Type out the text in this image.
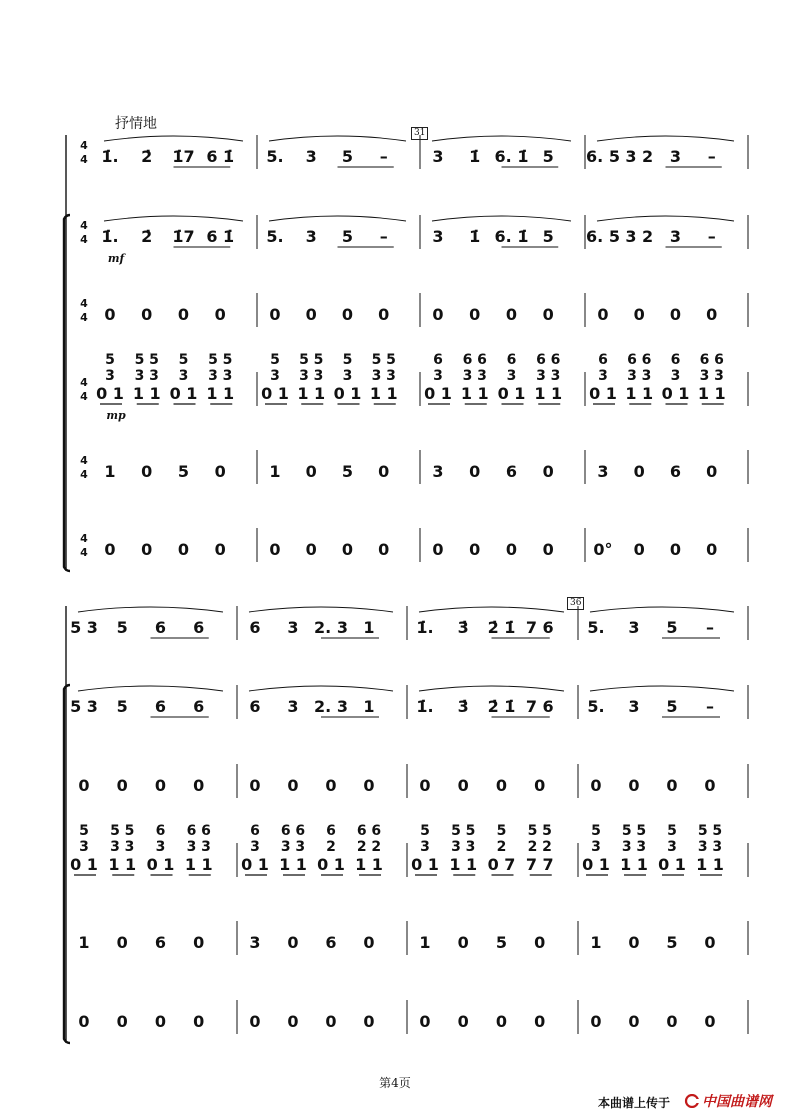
4
4
4
4
4
4
4
4
4
4
4
4
1̇. 2̇ 1̇7 6 1̇
1̇. 2̇ 1̇7 6 1̇
0 0 0 0
0 1 1 1 0 1 1 1
1 0 5 0
0 0 0 0
5 5 5 5 5 5
3 3 3 3 3 3
5. 3 5 –
5. 3 5 –
0 0 0 0
0 1 1 1 0 1 1 1
1 0 5 0
0 0 0 0
5 5 5 5 5 5
3 3 3 3 3 3
3 1̇ 6. 1̇ 5
3 1̇ 6. 1̇ 5
0 0 0 0
0 1 1 1 0 1 1 1
3 0 6 0
0 0 0 0
6 6 6 6 6 6
3 3 3 3 3 3
6. 5 3 2 3 –
6. 5 3 2 3 –
0 0 0 0
0 1 1 1 0 1 1 1
3 0 6 0
0° 0 0 0
6 6 6 6 6 6
3 3 3 3 3 3
5 3 5 6 6
5 3 5 6 6
0 0 0 0
0 1 1 1 0 1 1 1
1 0 6 0
0 0 0 0
5 5 5 6 6 6
3 3 3 3 3 3
6 3 2. 3 1
6 3 2. 3 1
0 0 0 0
0 1 1 1 0 1 1 1
3 0 6 0
0 0 0 0
6 6 6 6 6 6
3 3 3 2 2 2
1̇. 3̇ 2̇ 1̇ 7 6
1̇. 3̇ 2̇ 1̇ 7 6
0 0 0 0
0 1 1 1 0 7 7 7
1 0 5 0
0 0 0 0
5 5 5 5 5 5
3 3 3 2 2 2
5. 3 5 –
5. 3 5 –
0 0 0 0
0 1 1 1 0 1 1 1
1 0 5 0
0 0 0 0
5 5 5 5 5 5
3 3 3 3 3 3
mf
mp
抒情地
31
36
第4页
本曲谱上传于 中国曲谱网
